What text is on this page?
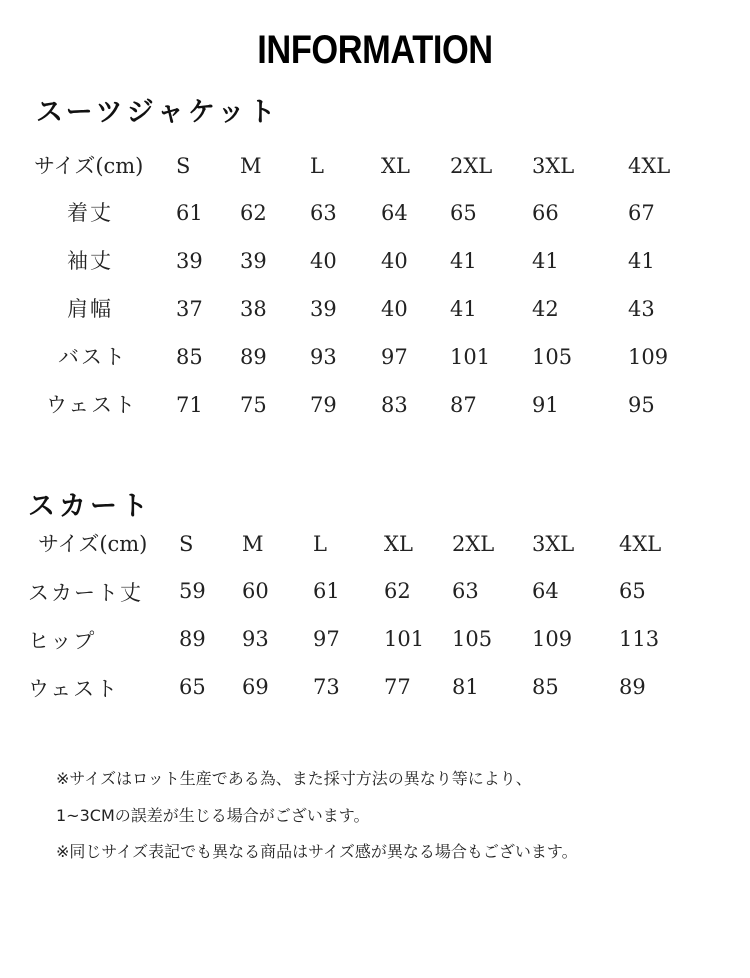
INFORMATION
スーツジャケット
サイズ(cm) S M L	XL 2XL 3XL	4XL
着丈	61 62 63 64 65	66	67
袖丈	39 39 40 40 41	41	41
肩幅	37 38 39 40 41	42	43
バスト 85 89 93 97 101 105	109
ウェスト 71 75 79 83 87	91	95
スカート
サイズ(cm) S M L	XL 2XL 3XL 4XL
スカート丈 59 60 61 62 63	64	65
ヒップ	89 93 97 101 105 109 113
ウェスト	65 69 73 77 81	85	89
※サイズはロット生産である為、また採寸方法の異なり等により、
1~3CMの誤差が生じる場合がございます。
※同じサイズ表記でも異なる商品はサイズ感が異なる場合もございます。
